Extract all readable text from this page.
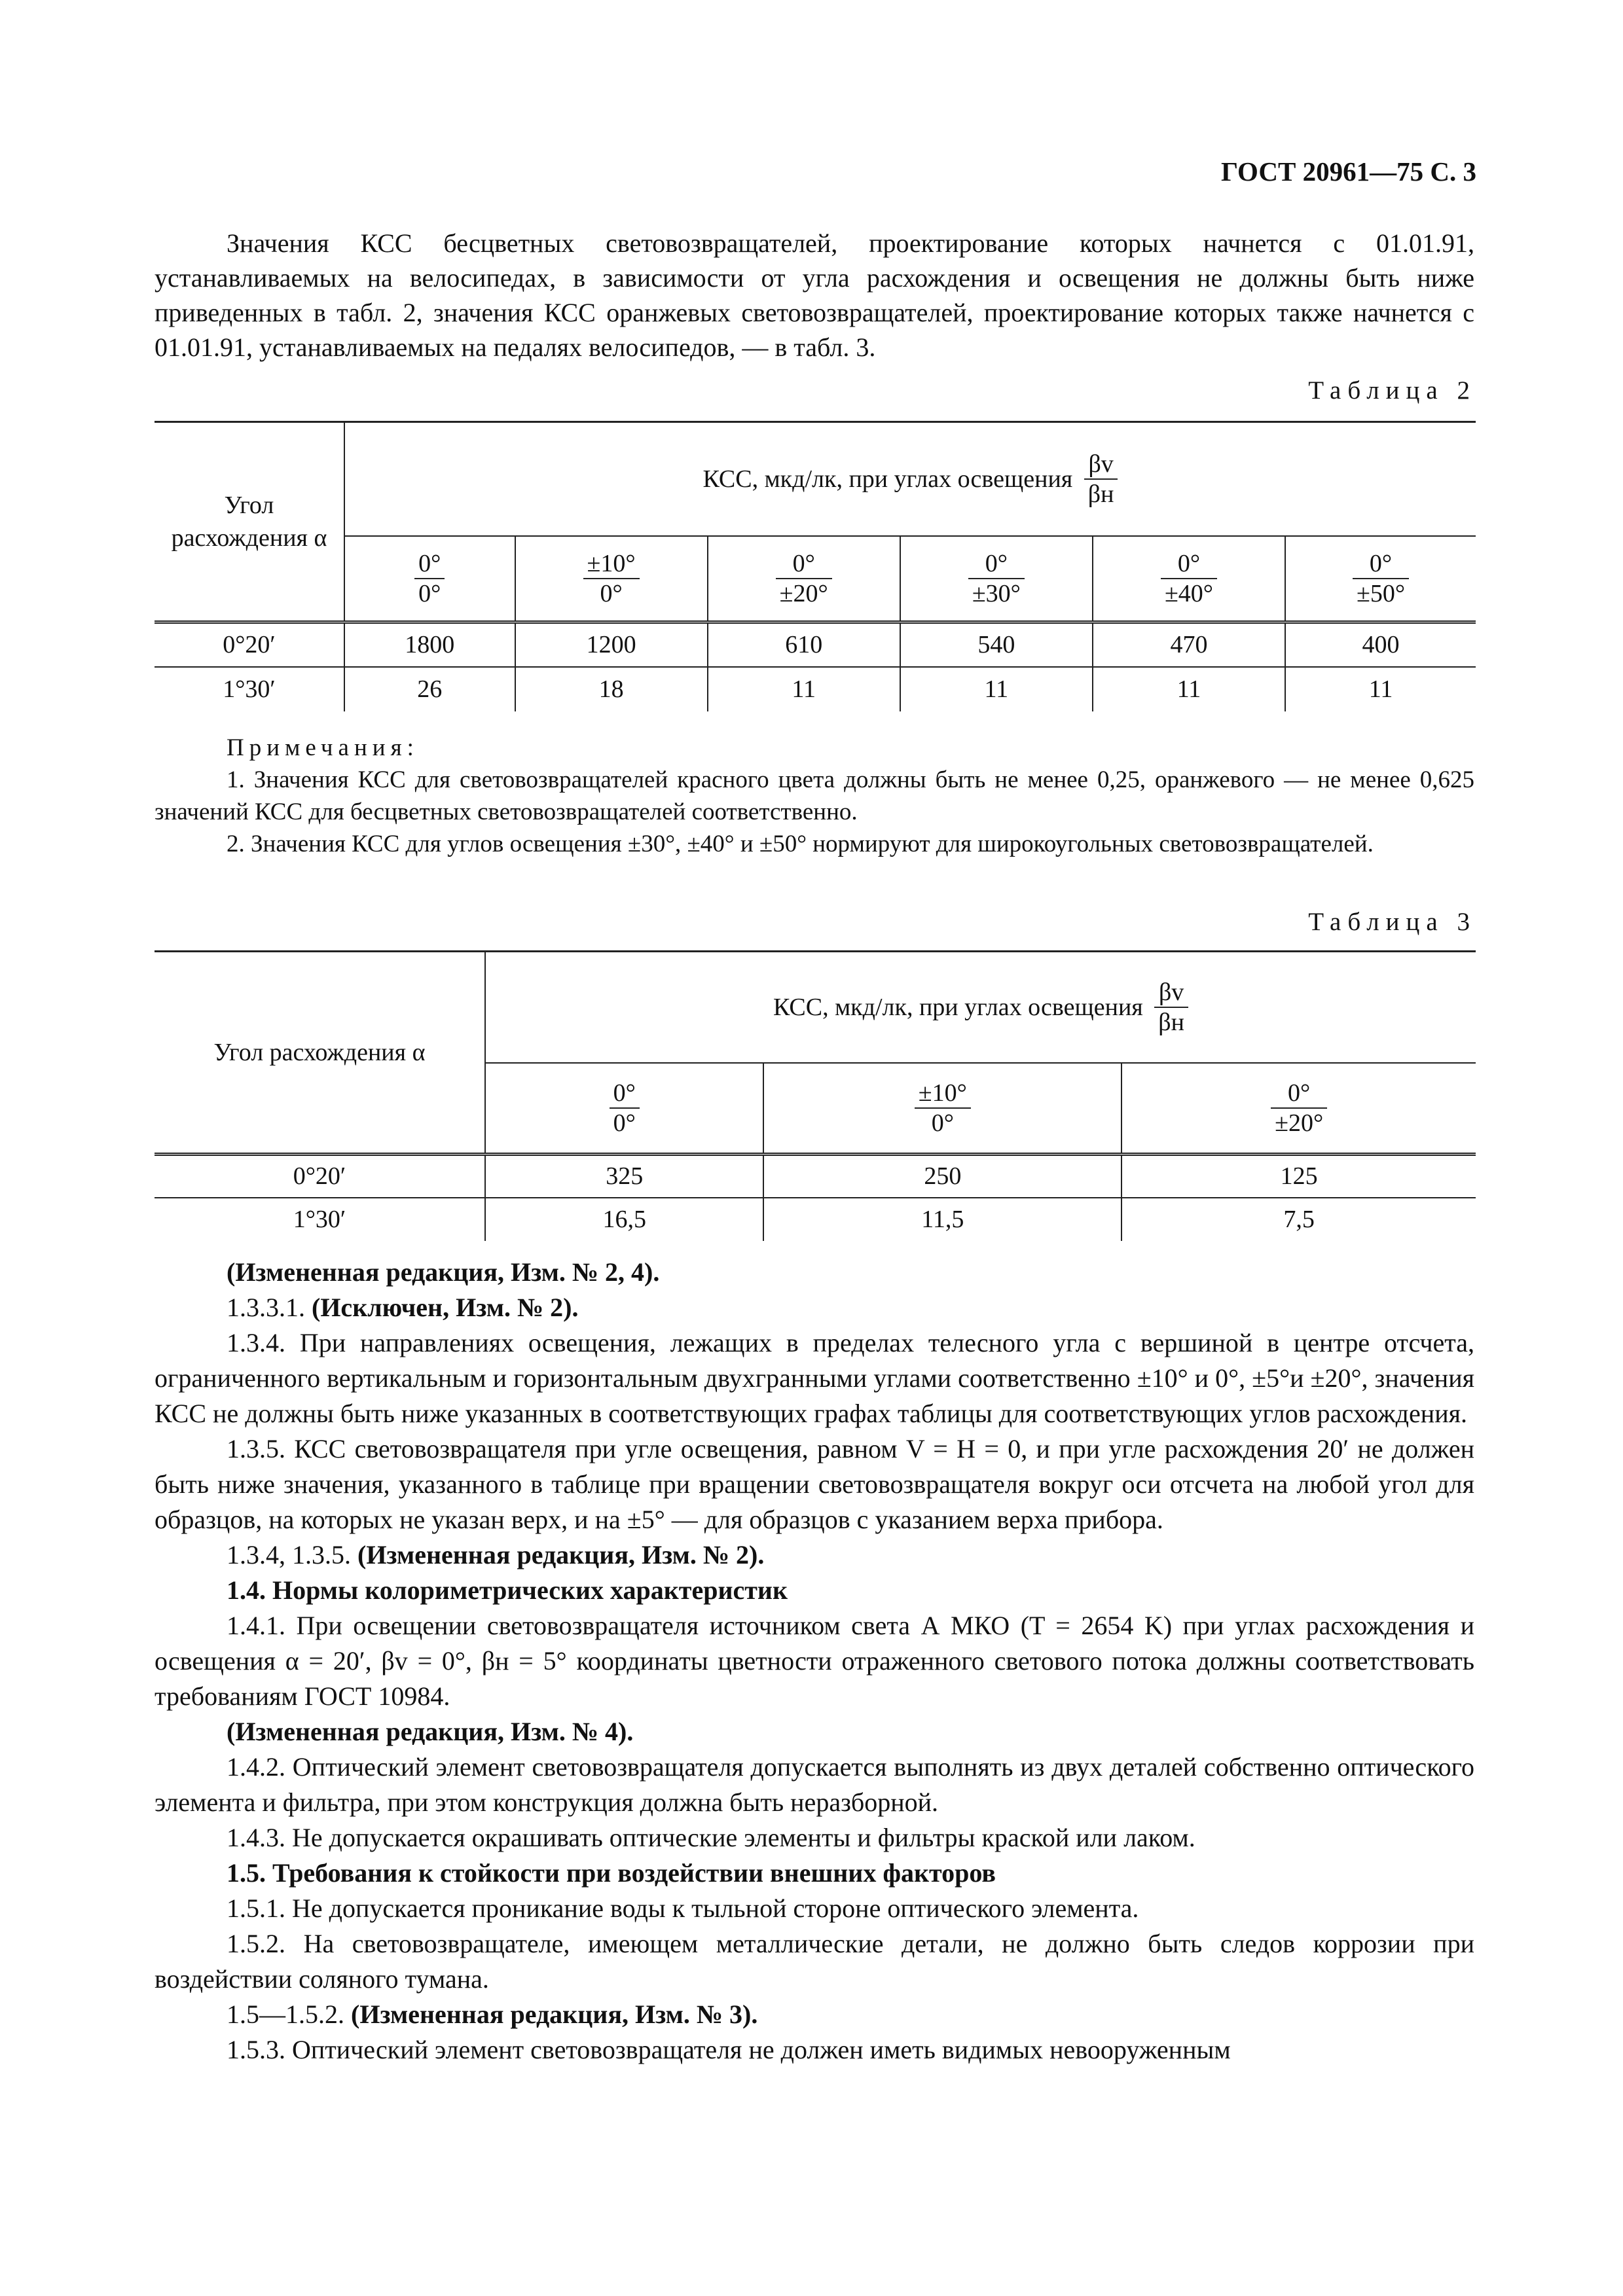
ГОСТ 20961—75 С. 3
Значения КСС бесцветных световозвращателей, проектирование которых начнется с 01.01.91, устанавливаемых на велосипедах, в зависимости от угла расхождения и освещения не должны быть ниже приведенных в табл. 2, значения КСС оранжевых световозвращателей, проектирование которых также начнется с 01.01.91, устанавливаемых на педалях велосипедов, — в табл. 3.
Таблица 2
Угол расхождения α	КСС, мкд/лк, при углах освещения $\frac{\beta v}{\beta н}$

	$\frac{0^\circ}{0^\circ}$	$\frac{\pm 10^\circ}{0^\circ}$	$\frac{0^\circ}{\pm 20^\circ}$	$\frac{0^\circ}{\pm 30^\circ}$	$\frac{0^\circ}{\pm 40^\circ}$	$\frac{0^\circ}{\pm 50^\circ}$

0°20′	1800	1200	610	540	470	400
1°30′	26	18	11	11	11	11
Примечания:
1. Значения КСС для световозвращателей красного цвета должны быть не менее 0,25, оранжевого — не менее 0,625 значений КСС для бесцветных световозвращателей соответственно.
2. Значения КСС для углов освещения ±30°, ±40° и ±50° нормируют для широкоугольных световозвращателей.
Таблица 3
Угол расхождения α	КСС, мкд/лк, при углах освещения $\frac{\beta v}{\beta н}$

	$\frac{0^\circ}{0^\circ}$	$\frac{\pm 10^\circ}{0^\circ}$	$\frac{0^\circ}{\pm 20^\circ}$

0°20′	325	250	125
1°30′	16,5	11,5	7,5

(Измененная редакция, Изм. № 2, 4).

1.3.3.1. (Исключен, Изм. № 2).

1.3.4. При направлениях освещения, лежащих в пределах телесного угла с вершиной в центре отсчета, ограниченного вертикальным и горизонтальным двухгранными углами соответственно ±10° и 0°, ±5°и ±20°, значения КСС не должны быть ниже указанных в соответствующих графах таблицы для соответствующих углов расхождения.

1.3.5. КСС световозвращателя при угле освещения, равном V = H = 0, и при угле расхождения 20′ не должен быть ниже значения, указанного в таблице при вращении световозвращателя вокруг оси отсчета на любой угол для образцов, на которых не указан верх, и на ±5° — для образцов с указанием верха прибора.

1.3.4, 1.3.5. (Измененная редакция, Изм. № 2).

1.4. Нормы колориметрических характеристик

1.4.1. При освещении световозвращателя источником света А МКО (T = 2654 K) при углах расхождения и освещения α = 20′, βv = 0°, βн = 5° координаты цветности отраженного светового потока должны соответствовать требованиям ГОСТ 10984.

(Измененная редакция, Изм. № 4).

1.4.2. Оптический элемент световозвращателя допускается выполнять из двух деталей собственно оптического элемента и фильтра, при этом конструкция должна быть неразборной.

1.4.3. Не допускается окрашивать оптические элементы и фильтры краской или лаком.

1.5. Требования к стойкости при воздействии внешних факторов

1.5.1. Не допускается проникание воды к тыльной стороне оптического элемента.

1.5.2. На световозвращателе, имеющем металлические детали, не должно быть следов коррозии при воздействии соляного тумана.

1.5—1.5.2. (Измененная редакция, Изм. № 3).

1.5.3. Оптический элемент световозвращателя не должен иметь видимых невооруженным
